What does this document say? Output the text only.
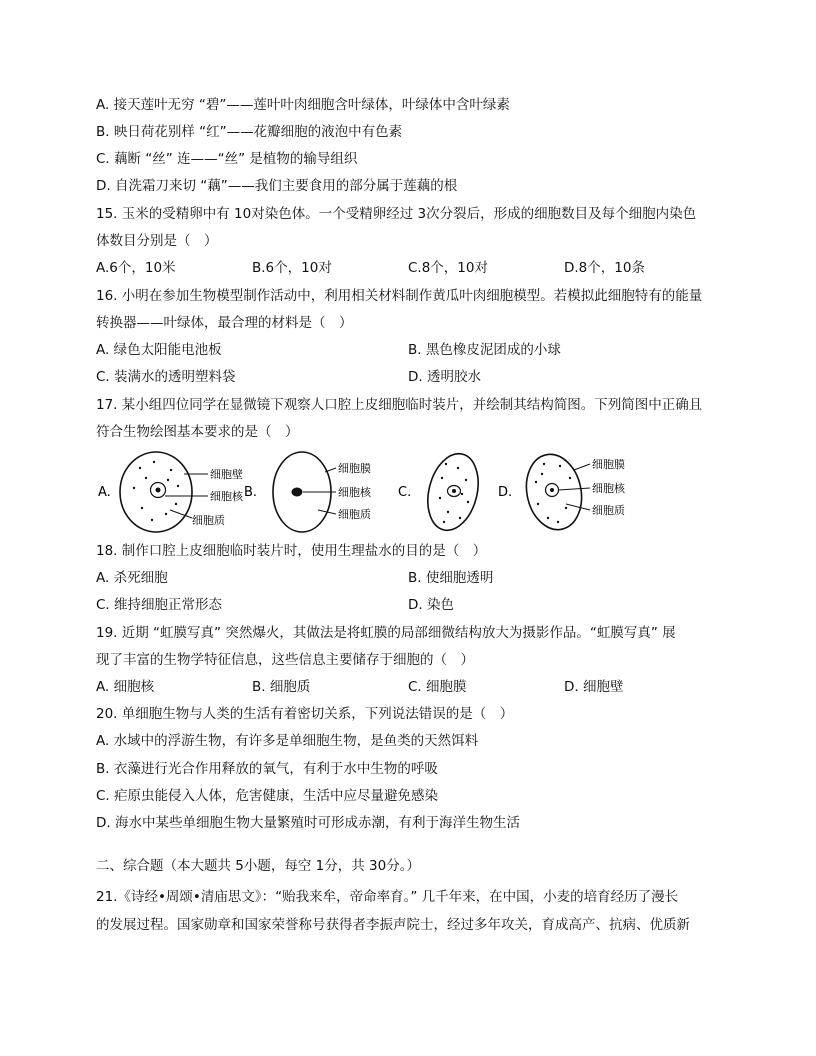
A. 接天莲叶无穷 “碧”——莲叶叶肉细胞含叶绿体，叶绿体中含叶绿素
B. 映日荷花别样 “红”——花瓣细胞的液泡中有色素
C. 藕断 “丝” 连——“丝” 是植物的输导组织
D. 自洗霜刀来切 “藕”——我们主要食用的部分属于莲藕的根
15. 玉米的受精卵中有 10对染色体。一个受精卵经过 3次分裂后，形成的细胞数目及每个细胞内染色
体数目分别是（　）
A.6个，10米	B.6个，10对	C.8个，10对	D.8个，10条
16. 小明在参加生物模型制作活动中，利用相关材料制作黄瓜叶肉细胞模型。若模拟此细胞特有的能量
转换器——叶绿体，最合理的材料是（　）
A. 绿色太阳能电池板	B. 黑色橡皮泥团成的小球
C. 装满水的透明塑料袋	D. 透明胶水
17. 某小组四位同学在显微镜下观察人口腔上皮细胞临时装片，并绘制其结构简图。下列简图中正确且
符合生物绘图基本要求的是（　）
A.
细胞壁
细胞核
细胞质
B.
细胞膜
细胞核
细胞质
C.	D.
细胞膜
细胞核
细胞质
18. 制作口腔上皮细胞临时装片时，使用生理盐水的目的是（　）
A. 杀死细胞	B. 使细胞透明
C. 维持细胞正常形态	D. 染色
19. 近期 “虹膜写真” 突然爆火，其做法是将虹膜的局部细微结构放大为摄影作品。“虹膜写真” 展
现了丰富的生物学特征信息，这些信息主要储存于细胞的（　）
A. 细胞核	B. 细胞质	C. 细胞膜	D. 细胞壁
20. 单细胞生物与人类的生活有着密切关系，下列说法错误的是（　）
A. 水域中的浮游生物，有许多是单细胞生物，是鱼类的天然饵料
B. 衣藻进行光合作用释放的氧气，有利于水中生物的呼吸
C. 疟原虫能侵入人体，危害健康，生活中应尽量避免感染
D. 海水中某些单细胞生物大量繁殖时可形成赤潮，有利于海洋生物生活
二、综合题（本大题共 5小题，每空 1分，共 30分。）
21.《诗经•周颂•清庙思文》：“贻我来牟，帝命率育。” 几千年来，在中国，小麦的培育经历了漫长
的发展过程。国家勋章和国家荣誉称号获得者李振声院士，经过多年攻关，育成高产、抗病、优质新
